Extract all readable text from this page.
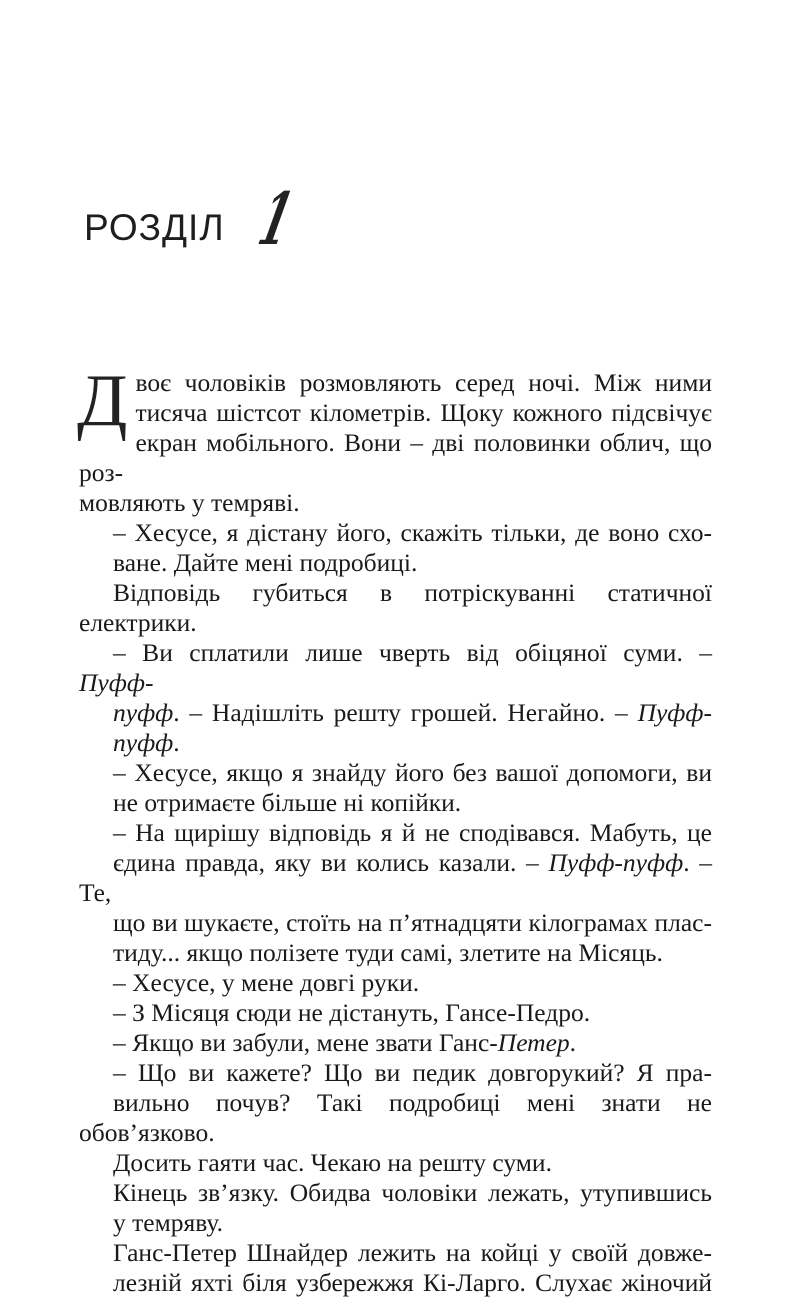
РОЗДІЛ 1

Д воє чоловіків розмовляють серед ночі. Між ними
тисяча шістсот кілометрів. Щоку кожного підсвічує
екран мобільного. Вони – дві половинки облич, що роз-
мовляють у темряві.

– Хесусе, я дістану його, скажіть тільки, де воно схо-
ване. Дайте мені подробиці.

Відповідь губиться в потріскуванні статичної електрики.

– Ви сплатили лише чверть від обіцяної суми. – Пуфф-
пуфф. – Надішліть решту грошей. Негайно. – Пуфф-
пуфф.

– Хесусе, якщо я знайду його без вашої допомоги, ви
не отримаєте більше ні копійки.

– На щирішу відповідь я й не сподівався. Мабуть, це
єдина правда, яку ви колись казали. – Пуфф-пуфф. – Те,
що ви шукаєте, стоїть на п’ятнадцяти кілограмах плас-
тиду... якщо полізете туди самі, злетите на Місяць.

– Хесусе, у мене довгі руки.

– З Місяця сюди не дістануть, Гансе-Педро.

– Якщо ви забули, мене звати Ганс-Петер.

– Що ви кажете? Що ви педик довгорукий? Я пра-
вильно почув? Такі подробиці мені знати не обов’язково.
Досить гаяти час. Чекаю на решту суми.

Кінець зв’язку. Обидва чоловіки лежать, утупившись
у темряву.

Ганс-Петер Шнайдер лежить на койці у своїй довже-
лезній яхті біля узбережжя Кі-Ларго. Слухає жіночий
